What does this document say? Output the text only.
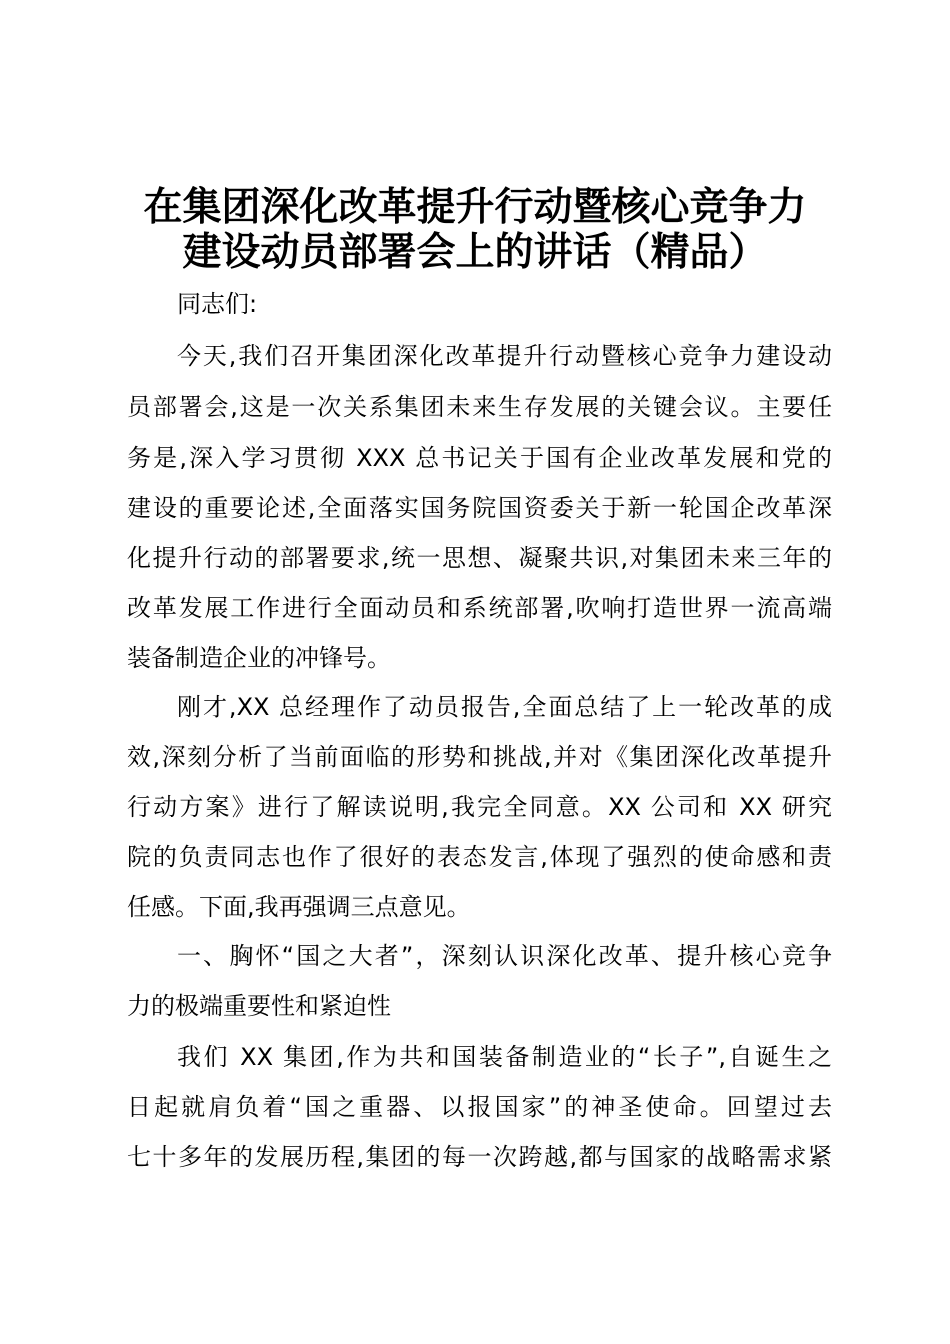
在集团深化改革提升行动暨核心竞争力
建设动员部署会上的讲话（精品）

同志们:

今天,我们召开集团深化改革提升行动暨核心竞争力建设动

员部署会,这是一次关系集团未来生存发展的关键会议。主要任

务是,深入学习贯彻 XXX 总书记关于国有企业改革发展和党的

建设的重要论述,全面落实国务院国资委关于新一轮国企改革深

化提升行动的部署要求,统一思想、凝聚共识,对集团未来三年的

改革发展工作进行全面动员和系统部署,吹响打造世界一流高端

装备制造企业的冲锋号。

刚才,XX 总经理作了动员报告,全面总结了上一轮改革的成

效,深刻分析了当前面临的形势和挑战,并对《集团深化改革提升

行动方案》进行了解读说明,我完全同意。XX 公司和 XX 研究

院的负责同志也作了很好的表态发言,体现了强烈的使命感和责

任感。下面,我再强调三点意见。

一、胸怀“国之大者”，深刻认识深化改革、提升核心竞争

力的极端重要性和紧迫性

我们 XX 集团,作为共和国装备制造业的“长子”,自诞生之

日起就肩负着“国之重器、以报国家”的神圣使命。回望过去

七十多年的发展历程,集团的每一次跨越,都与国家的战略需求紧
